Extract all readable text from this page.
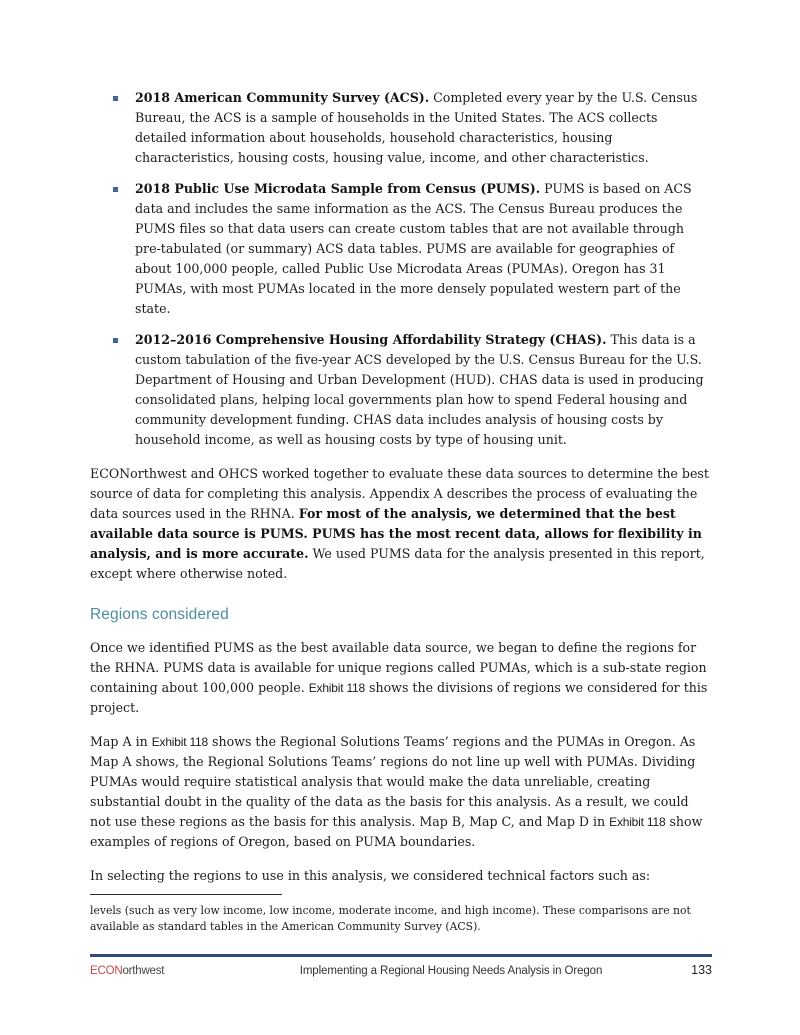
2018 American Community Survey (ACS). Completed every year by the U.S. Census Bureau, the ACS is a sample of households in the United States. The ACS collects detailed information about households, household characteristics, housing characteristics, housing costs, housing value, income, and other characteristics.

2018 Public Use Microdata Sample from Census (PUMS). PUMS is based on ACS data and includes the same information as the ACS. The Census Bureau produces the PUMS files so that data users can create custom tables that are not available through pre-tabulated (or summary) ACS data tables. PUMS are available for geographies of about 100,000 people, called Public Use Microdata Areas (PUMAs). Oregon has 31 PUMAs, with most PUMAs located in the more densely populated western part of the state.

2012–2016 Comprehensive Housing Affordability Strategy (CHAS). This data is a custom tabulation of the five-year ACS developed by the U.S. Census Bureau for the U.S. Department of Housing and Urban Development (HUD). CHAS data is used in producing consolidated plans, helping local governments plan how to spend Federal housing and community development funding. CHAS data includes analysis of housing costs by household income, as well as housing costs by type of housing unit.

ECONorthwest and OHCS worked together to evaluate these data sources to determine the best source of data for completing this analysis. Appendix A describes the process of evaluating the data sources used in the RHNA. For most of the analysis, we determined that the best available data source is PUMS. PUMS has the most recent data, allows for flexibility in analysis, and is more accurate. We used PUMS data for the analysis presented in this report, except where otherwise noted.

Regions considered

Once we identified PUMS as the best available data source, we began to define the regions for the RHNA. PUMS data is available for unique regions called PUMAs, which is a sub-state region containing about 100,000 people. Exhibit 118 shows the divisions of regions we considered for this project.

Map A in Exhibit 118 shows the Regional Solutions Teams’ regions and the PUMAs in Oregon. As Map A shows, the Regional Solutions Teams’ regions do not line up well with PUMAs. Dividing PUMAs would require statistical analysis that would make the data unreliable, creating substantial doubt in the quality of the data as the basis for this analysis. As a result, we could not use these regions as the basis for this analysis. Map B, Map C, and Map D in Exhibit 118 show examples of regions of Oregon, based on PUMA boundaries.

In selecting the regions to use in this analysis, we considered technical factors such as:

levels (such as very low income, low income, moderate income, and high income). These comparisons are not available as standard tables in the American Community Survey (ACS).

ECONorthwest	Implementing a Regional Housing Needs Analysis in Oregon	133
